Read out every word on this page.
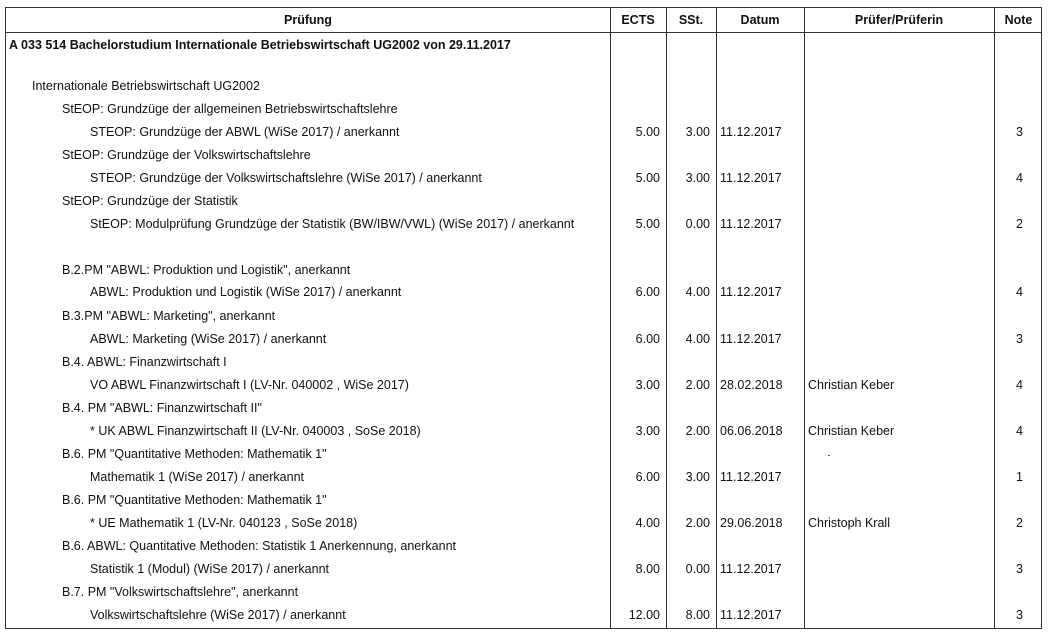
Prüfung	ECTS	SSt.	Datum	Prüfer/Prüferin	Note
A 033 514 Bachelorstudium Internationale Betriebswirtschaft UG2002 von 29.11.2017
Internationale Betriebswirtschaft UG2002
StEOP: Grundzüge der allgemeinen Betriebswirtschaftslehre
STEOP: Grundzüge der ABWL (WiSe 2017) / anerkannt	5.00	3.00 11.12.2017	3
StEOP: Grundzüge der Volkswirtschaftslehre
STEOP: Grundzüge der Volkswirtschaftslehre (WiSe 2017) / anerkannt	5.00	3.00 11.12.2017	4
StEOP: Grundzüge der Statistik
StEOP: Modulprüfung Grundzüge der Statistik (BW/IBW/VWL) (WiSe 2017) / anerkannt	5.00	0.00 11.12.2017	2
B.2.PM "ABWL: Produktion und Logistik", anerkannt
ABWL: Produktion und Logistik (WiSe 2017) / anerkannt	6.00	4.00 11.12.2017	4
B.3.PM "ABWL: Marketing", anerkannt
ABWL: Marketing (WiSe 2017) / anerkannt	6.00	4.00 11.12.2017	3
B.4. ABWL: Finanzwirtschaft I
VO ABWL Finanzwirtschaft I (LV-Nr. 040002 , WiSe 2017)	3.00	2.00 28.02.2018	Christian Keber	4
B.4. PM "ABWL: Finanzwirtschaft II"
* UK ABWL Finanzwirtschaft II (LV-Nr. 040003 , SoSe 2018)	3.00	2.00 06.06.2018	Christian Keber	4
B.6. PM "Quantitative Methoden: Mathematik 1"
Mathematik 1 (WiSe 2017) / anerkannt	6.00	3.00 11.12.2017	1
B.6. PM "Quantitative Methoden: Mathematik 1"
* UE Mathematik 1 (LV-Nr. 040123 , SoSe 2018)	4.00	2.00 29.06.2018	Christoph Krall	2
B.6. ABWL: Quantitative Methoden: Statistik 1 Anerkennung, anerkannt
Statistik 1 (Modul) (WiSe 2017) / anerkannt	8.00	0.00 11.12.2017	3
B.7. PM "Volkswirtschaftslehre", anerkannt
Volkswirtschaftslehre (WiSe 2017) / anerkannt	12.00	8.00 11.12.2017	3
